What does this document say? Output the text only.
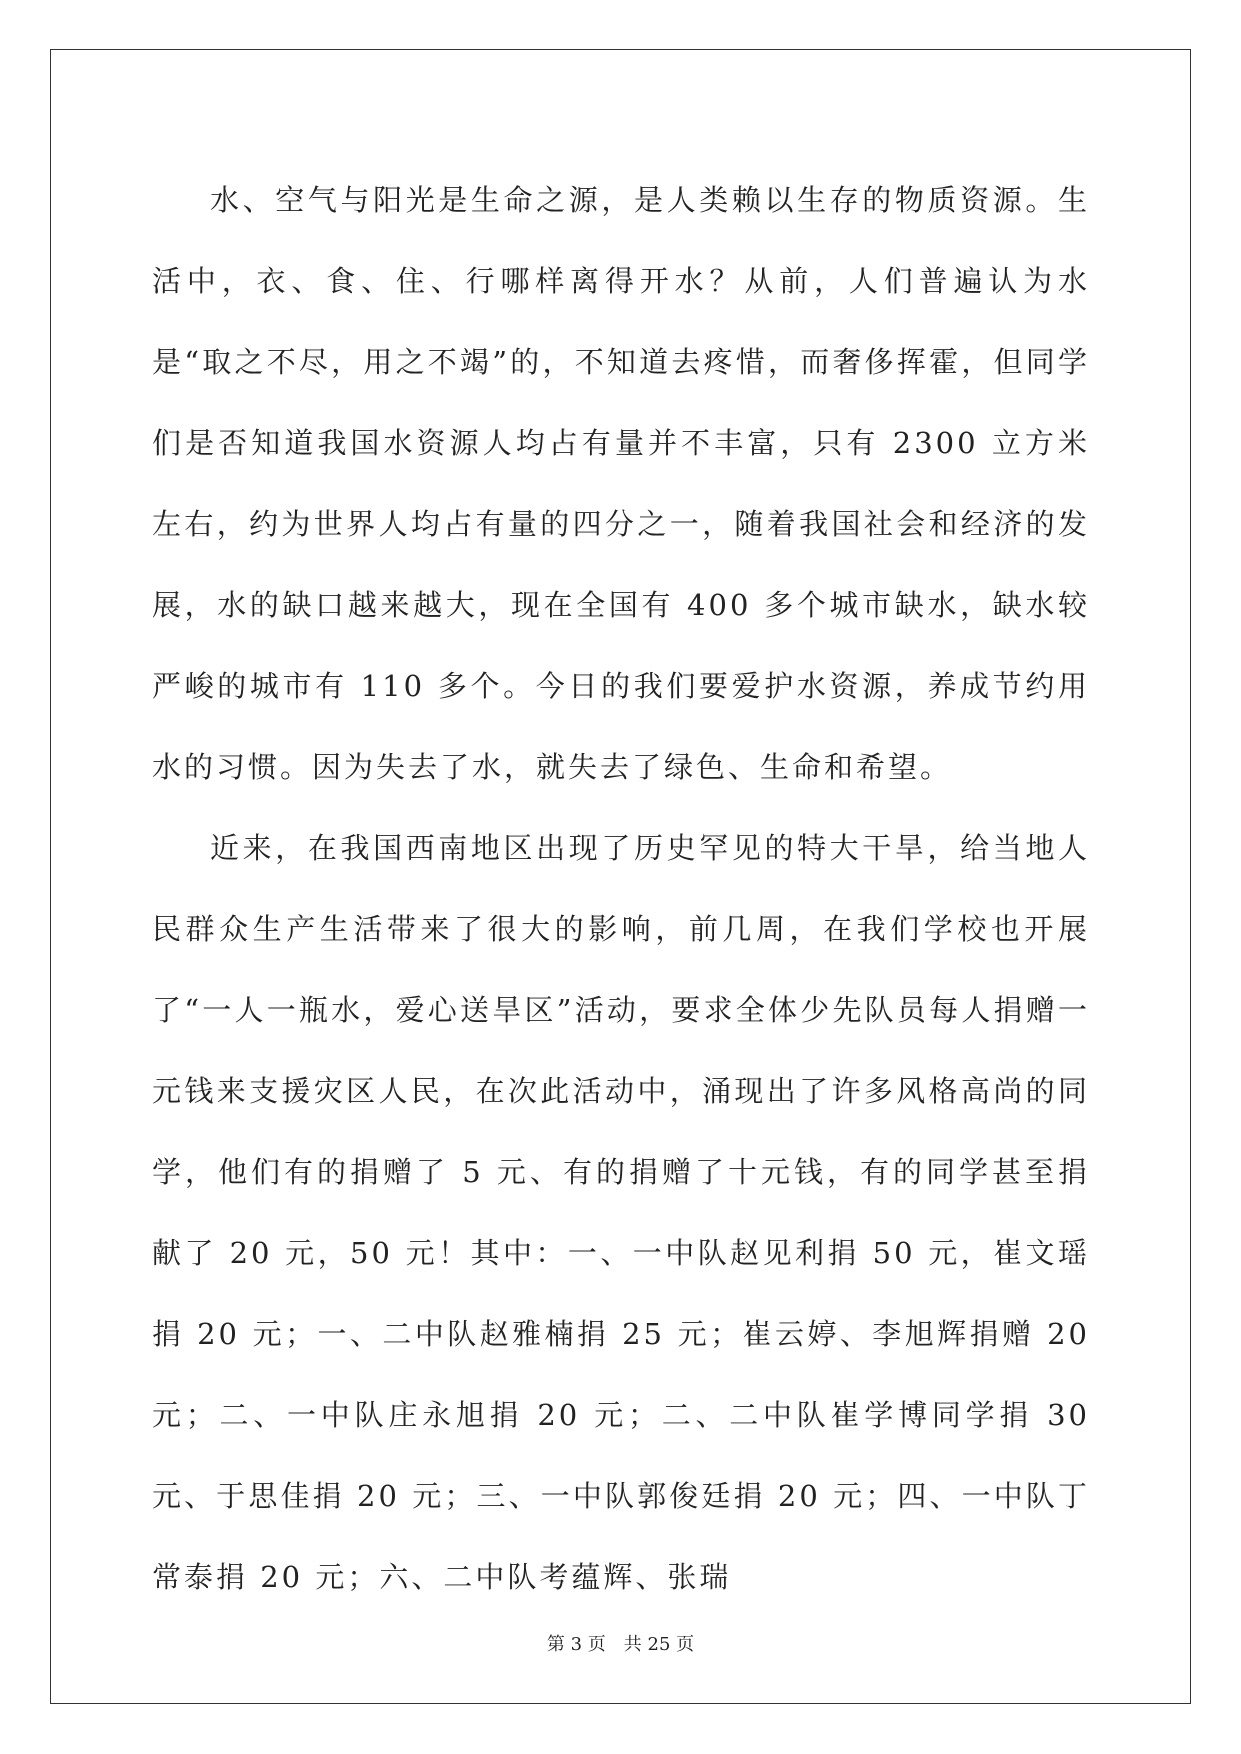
水、空气与阳光是生命之源，是人类赖以生存的物质资源。生活中，衣、食、住、行哪样离得开水？从前，人们普遍认为水是“取之不尽，用之不竭”的，不知道去疼惜，而奢侈挥霍，但同学们是否知道我国水资源人均占有量并不丰富，只有 2300 立方米左右，约为世界人均占有量的四分之一，随着我国社会和经济的发展，水的缺口越来越大，现在全国有 400 多个城市缺水，缺水较严峻的城市有 110 多个。今日的我们要爱护水资源，养成节约用水的习惯。因为失去了水，就失去了绿色、生命和希望。

近来，在我国西南地区出现了历史罕见的特大干旱，给当地人民群众生产生活带来了很大的影响，前几周，在我们学校也开展了“一人一瓶水，爱心送旱区”活动，要求全体少先队员每人捐赠一元钱来支援灾区人民，在次此活动中，涌现出了许多风格高尚的同学，他们有的捐赠了 5 元、有的捐赠了十元钱，有的同学甚至捐献了 20 元，50 元！其中：一、一中队赵见利捐 50 元，崔文瑶捐 20 元；一、二中队赵雅楠捐 25 元；崔云婷、李旭辉捐赠 20 元；二、一中队庄永旭捐 20 元；二、二中队崔学博同学捐 30 元、于思佳捐 20 元；三、一中队郭俊廷捐 20 元；四、一中队丁常泰捐 20 元；六、二中队考蕴辉、张瑞

第 3 页 共 25 页
